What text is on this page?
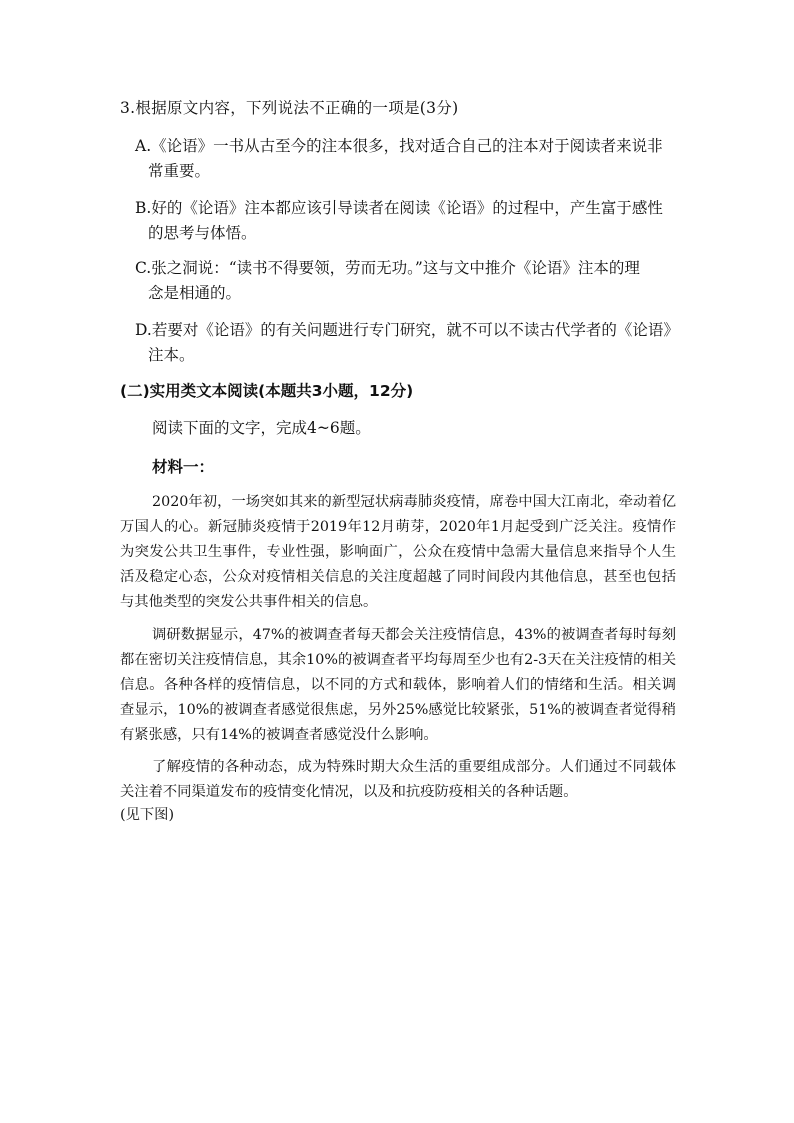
3.根据原文内容，下列说法不正确的一项是(3分)
A.《论语》一书从古至今的注本很多，找对适合自己的注本对于阅读者来说非
常重要。
B.好的《论语》注本都应该引导读者在阅读《论语》的过程中，产生富于感性
的思考与体悟。
C.张之洞说：“读书不得要领，劳而无功。”这与文中推介《论语》注本的理
念是相通的。
D.若要对《论语》的有关问题进行专门研究，就不可以不读古代学者的《论语》
注本。
(二)实用类文本阅读(本题共3小题，12分)
阅读下面的文字，完成4~6题。
材料一：
2020年初，一场突如其来的新型冠状病毒肺炎疫情，席卷中国大江南北，牵动着亿万国人的心。新冠肺炎疫情于2019年12月萌芽，2020年1月起受到广泛关注。疫情作为突发公共卫生事件，专业性强，影响面广，公众在疫情中急需大量信息来指导个人生活及稳定心态，公众对疫情相关信息的关注度超越了同时间段内其他信息，甚至也包括与其他类型的突发公共事件相关的信息。
调研数据显示，47%的被调查者每天都会关注疫情信息，43%的被调查者每时每刻都在密切关注疫情信息，其余10%的被调查者平均每周至少也有2-3天在关注疫情的相关信息。各种各样的疫情信息，以不同的方式和载体，影响着人们的情绪和生活。相关调查显示，10%的被调查者感觉很焦虑，另外25%感觉比较紧张，51%的被调查者觉得稍有紧张感，只有14%的被调查者感觉没什么影响。
了解疫情的各种动态，成为特殊时期大众生活的重要组成部分。人们通过不同载体关注着不同渠道发布的疫情变化情况，以及和抗疫防疫相关的各种话题。
(见下图)
